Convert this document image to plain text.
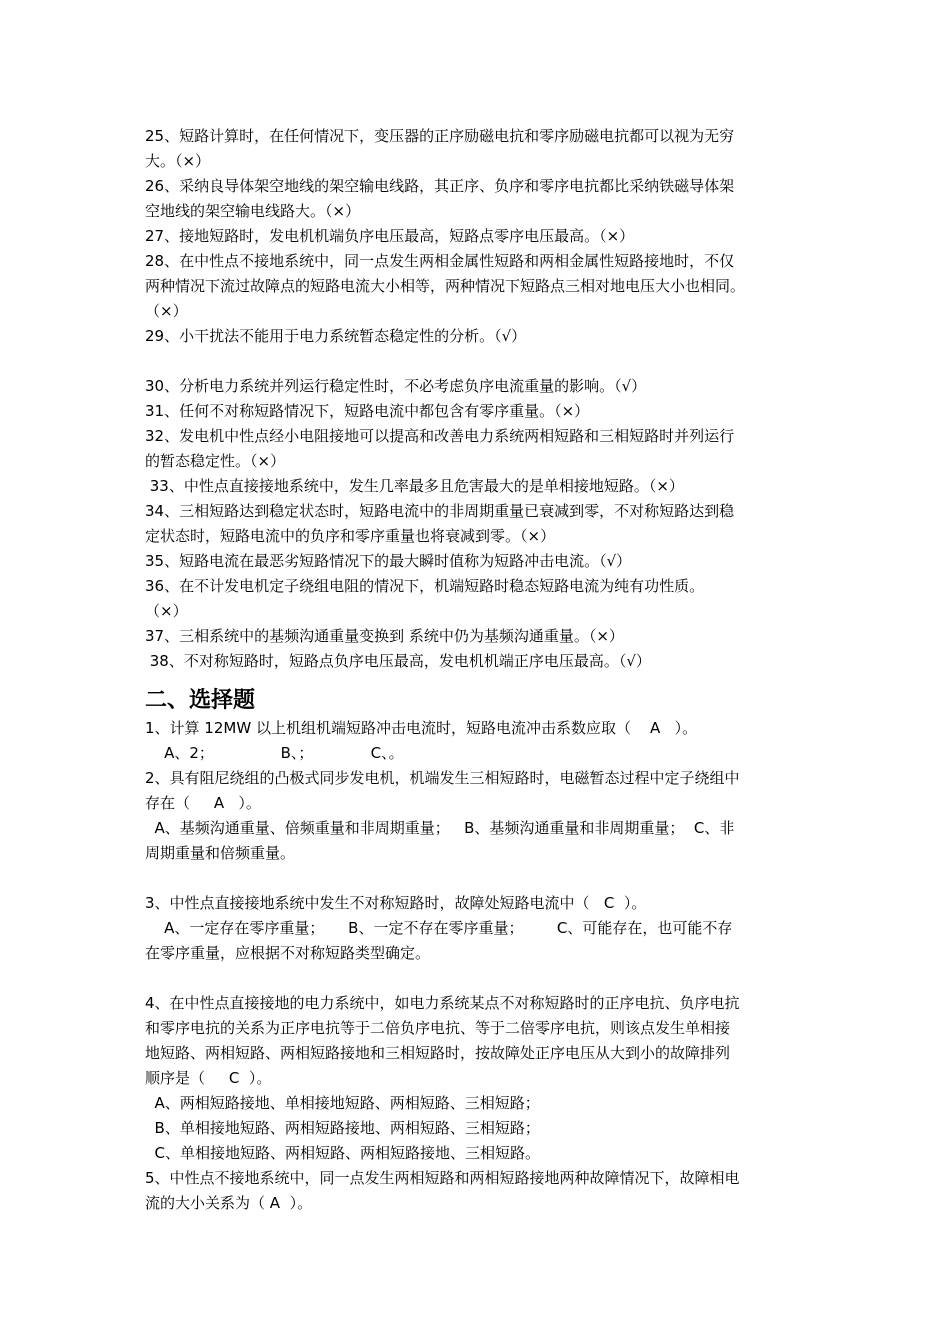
25、短路计算时，在任何情况下，变压器的正序励磁电抗和零序励磁电抗都可以视为无穷
大。（×）
26、采纳良导体架空地线的架空输电线路，其正序、负序和零序电抗都比采纳铁磁导体架
空地线的架空输电线路大。（×）
27、接地短路时，发电机机端负序电压最高，短路点零序电压最高。（×）
28、在中性点不接地系统中，同一点发生两相金属性短路和两相金属性短路接地时，不仅
两种情况下流过故障点的短路电流大小相等，两种情况下短路点三相对地电压大小也相同。
（×）
29、小干扰法不能用于电力系统暂态稳定性的分析。（√）
30、分析电力系统并列运行稳定性时，不必考虑负序电流重量的影响。（√）
31、任何不对称短路情况下，短路电流中都包含有零序重量。（×）
32、发电机中性点经小电阻接地可以提高和改善电力系统两相短路和三相短路时并列运行
的暂态稳定性。（×）
33、中性点直接接地系统中，发生几率最多且危害最大的是单相接地短路。（×）
34、三相短路达到稳定状态时，短路电流中的非周期重量已衰减到零，不对称短路达到稳
定状态时，短路电流中的负序和零序重量也将衰减到零。（×）
35、短路电流在最恶劣短路情况下的最大瞬时值称为短路冲击电流。（√）
36、在不计发电机定子绕组电阻的情况下，机端短路时稳态短路电流为纯有功性质。
（×）
37、三相系统中的基频沟通重量变换到 系统中仍为基频沟通重量。（×）
38、不对称短路时，短路点负序电压最高，发电机机端正序电压最高。（√）
二、选择题
1、计算 12MW 以上机组机端短路冲击电流时，短路电流冲击系数应取（    A   ）。
A、2；              B、；            C、。
2、具有阻尼绕组的凸极式同步发电机，机端发生三相短路时，电磁暂态过程中定子绕组中
存在（     A   ）。
A、基频沟通重量、倍频重量和非周期重量；   B、基频沟通重量和非周期重量；  C、非
周期重量和倍频重量。
3、中性点直接接地系统中发生不对称短路时，故障处短路电流中（   C  ）。
A、一定存在零序重量；     B、一定不存在零序重量；       C、可能存在，也可能不存
在零序重量，应根据不对称短路类型确定。
4、在中性点直接接地的电力系统中，如电力系统某点不对称短路时的正序电抗、负序电抗
和零序电抗的关系为正序电抗等于二倍负序电抗、等于二倍零序电抗，则该点发生单相接
地短路、两相短路、两相短路接地和三相短路时，按故障处正序电压从大到小的故障排列
顺序是（     C  ）。
A、两相短路接地、单相接地短路、两相短路、三相短路；
B、单相接地短路、两相短路接地、两相短路、三相短路；
C、单相接地短路、两相短路、两相短路接地、三相短路。
5、中性点不接地系统中，同一点发生两相短路和两相短路接地两种故障情况下，故障相电
流的大小关系为（ A  ）。
